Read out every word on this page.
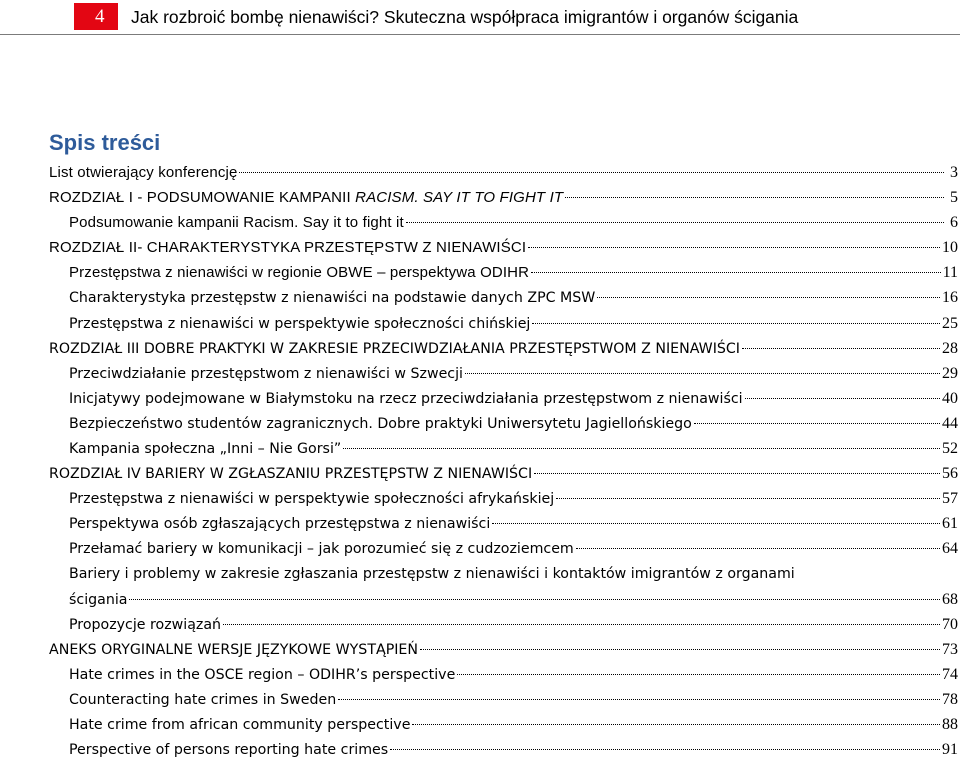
4	Jak rozbroić bombę nienawiści? Skuteczna współpraca imigrantów i organów ścigania
Spis treści
List otwierający konferencję	3
ROZDZIAŁ I - PODSUMOWANIE KAMPANII RACISM. SAY IT TO FIGHT IT	5
Podsumowanie kampanii Racism. Say it to fight it	6
ROZDZIAŁ II- CHARAKTERYSTYKA PRZESTĘPSTW Z NIENAWIŚCI	10
Przestępstwa z nienawiści w regionie OBWE – perspektywa ODIHR	11
Charakterystyka przestępstw z nienawiści na podstawie danych ZPC MSW	16
Przestępstwa z nienawiści w perspektywie społeczności chińskiej	25
ROZDZIAŁ III DOBRE PRAKTYKI W ZAKRESIE PRZECIWDZIAŁANIA PRZESTĘPSTWOM Z NIENAWIŚCI	28
Przeciwdziałanie przestępstwom z nienawiści w Szwecji	29
Inicjatywy podejmowane w Białymstoku na rzecz przeciwdziałania przestępstwom z nienawiści	40
Bezpieczeństwo studentów zagranicznych. Dobre praktyki Uniwersytetu Jagiellońskiego	44
Kampania społeczna „Inni – Nie Gorsi”	52
ROZDZIAŁ IV BARIERY W ZGŁASZANIU PRZESTĘPSTW Z NIENAWIŚCI	56
Przestępstwa z nienawiści w perspektywie społeczności afrykańskiej	57
Perspektywa osób zgłaszających przestępstwa z nienawiści	61
Przełamać bariery w komunikacji – jak porozumieć się z cudzoziemcem	64
Bariery i problemy w zakresie zgłaszania przestępstw z nienawiści i kontaktów imigrantów z organami
ścigania	68
Propozycje rozwiązań	70
ANEKS ORYGINALNE WERSJE JĘZYKOWE WYSTĄPIEŃ	73
Hate crimes in the OSCE region – ODIHR’s perspective	74
Counteracting hate crimes in Sweden	78
Hate crime from african community perspective	88
Perspective of persons reporting hate crimes	91
